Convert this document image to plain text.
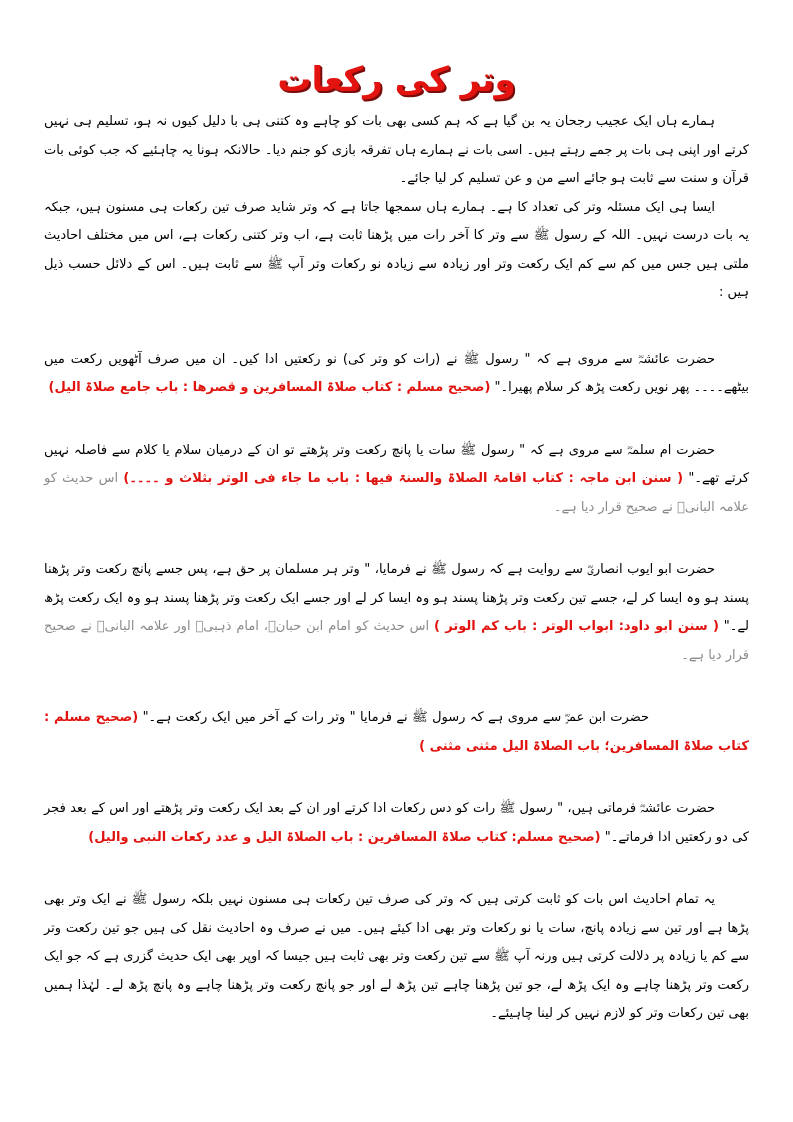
وتر کی رکعات

ہمارے ہاں ایک عجیب رجحان یہ بن گیا ہے کہ ہم کسی بھی بات کو چاہے وہ کتنی ہی با دلیل کیوں نہ ہو، تسلیم ہی نہیں کرتے اور اپنی ہی بات پر جمے رہتے ہیں۔ اسی بات نے ہمارے ہاں تفرقہ بازی کو جنم دیا۔ حالانکہ ہونا یہ چاہئیے کہ جب کوئی بات قرآن و سنت سے ثابت ہو جائے اسے من و عن تسلیم کر لیا جائے۔

ایسا ہی ایک مسئلہ وتر کی تعداد کا ہے۔ ہمارے ہاں سمجھا جاتا ہے کہ وتر شاید صرف تین رکعات ہی مسنون ہیں، جبکہ یہ بات درست نہیں۔ اللہ کے رسول ﷺ سے وتر کا آخر رات میں پڑھنا ثابت ہے، اب وتر کتنی رکعات ہے، اس میں مختلف احادیث ملتی ہیں جس میں کم سے کم ایک رکعت وتر اور زیادہ سے زیادہ نو رکعات وتر آپ ﷺ سے ثابت ہیں۔ اس کے دلائل حسب ذیل ہیں :

حضرت عائشہؓ سے مروی ہے کہ " رسول ﷺ نے (رات کو وتر کی) نو رکعتیں ادا کیں۔ ان میں صرف آٹھویں رکعت میں بیٹھے۔۔۔۔ پھر نویں رکعت پڑھ کر سلام پھیرا۔" (صحیح مسلم : کتاب صلاۃ المسافرین و قصرھا : باب جامع صلاۃ الیل)

حضرت ام سلمہؓ سے مروی ہے کہ " رسول ﷺ سات یا پانچ رکعت وتر پڑھتے تو ان کے درمیان سلام یا کلام سے فاصلہ نہیں کرتے تھے۔" ( سنن ابن ماجہ : کتاب اقامۃ الصلاۃ والسنۃ فیھا : باب ما جاء فی الوتر بثلاث و ۔۔۔۔) اس حدیث کو علامہ البانیؒ نے صحیح قرار دیا ہے۔

حضرت ابو ایوب انصاریؓ سے روایت ہے کہ رسول ﷺ نے فرمایا، " وتر ہر مسلمان پر حق ہے، پس جسے پانچ رکعت وتر پڑھنا پسند ہو وہ ایسا کر لے، جسے تین رکعت وتر پڑھنا پسند ہو وہ ایسا کر لے اور جسے ایک رکعت وتر پڑھنا پسند ہو وہ ایک رکعت پڑھ لے۔" ( سنن ابو داود: ابواب الوتر : باب کم الوتر ) اس حدیث کو امام ابن حبانؒ، امام ذہبیؒ اور علامہ البانیؒ نے صحیح قرار دیا ہے۔

حضرت ابن عمرؓ سے مروی ہے کہ رسول ﷺ نے فرمایا " وتر رات کے آخر میں ایک رکعت ہے۔" (صحیح مسلم : کتاب صلاۃ المسافرین؛ باب الصلاۃ الیل مثنی مثنی )

حضرت عائشہؓ فرماتی ہیں، " رسول ﷺ رات کو دس رکعات ادا کرتے اور ان کے بعد ایک رکعت وتر پڑھتے اور اس کے بعد فجر کی دو رکعتیں ادا فرماتے۔" (صحیح مسلم: کتاب صلاۃ المسافرین : باب الصلاۃ الیل و عدد رکعات النبی والیل)

یہ تمام احادیث اس بات کو ثابت کرتی ہیں کہ وتر کی صرف تین رکعات ہی مسنون نہیں بلکہ رسول ﷺ نے ایک وتر بھی پڑھا ہے اور تین سے زیادہ پانچ، سات یا نو رکعات وتر بھی ادا کیئے ہیں۔ میں نے صرف وہ احادیث نقل کی ہیں جو تین رکعت وتر سے کم یا زیادہ پر دلالت کرتی ہیں ورنہ آپ ﷺ سے تین رکعت وتر بھی ثابت ہیں جیسا کہ اوپر بھی ایک حدیث گزری ہے کہ جو ایک رکعت وتر پڑھنا چاہے وہ ایک پڑھ لے، جو تین پڑھنا چاہے تین پڑھ لے اور جو پانچ رکعت وتر پڑھنا چاہے وہ پانچ پڑھ لے۔ لہٰذا ہمیں بھی تین رکعات وتر کو لازم نہیں کر لینا چاہیئے۔
